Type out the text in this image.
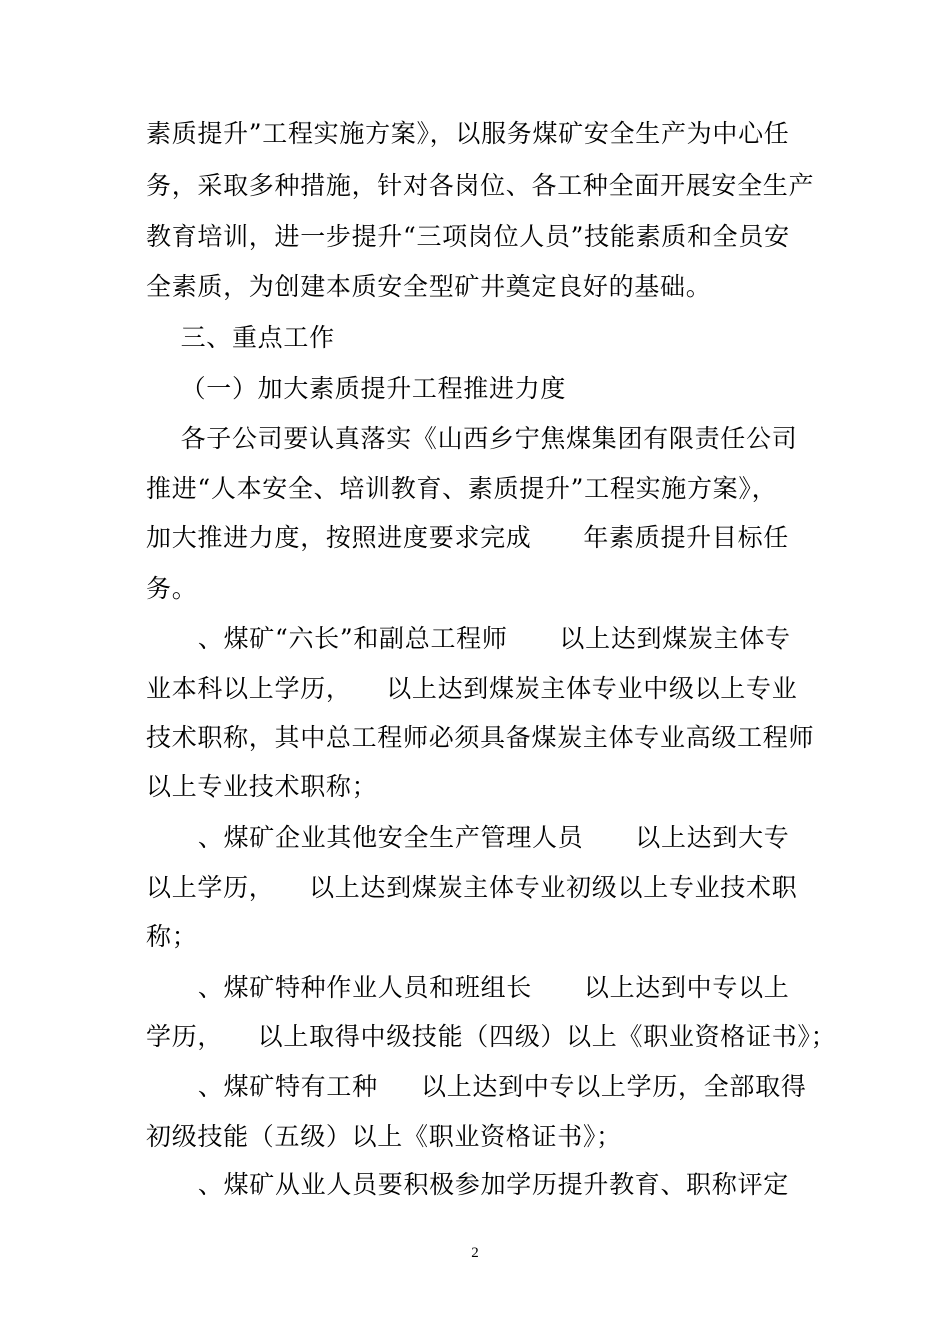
素质提升”工程实施方案》，以服务煤矿安全生产为中心任
务，采取多种措施，针对各岗位、各工种全面开展安全生产
教育培训，进一步提升“三项岗位人员”技能素质和全员安
全素质，为创建本质安全型矿井奠定良好的基础。
三、重点工作
（一）加大素质提升工程推进力度
各子公司要认真落实《山西乡宁焦煤集团有限责任公司
推进“人本安全、培训教育、素质提升”工程实施方案》，
加大推进力度，按照进度要求完成      年素质提升目标任
务。
、煤矿“六长”和副总工程师      以上达到煤炭主体专
业本科以上学历，    以上达到煤炭主体专业中级以上专业
技术职称，其中总工程师必须具备煤炭主体专业高级工程师
以上专业技术职称；
、煤矿企业其他安全生产管理人员      以上达到大专
以上学历，    以上达到煤炭主体专业初级以上专业技术职
称；
、煤矿特种作业人员和班组长      以上达到中专以上
学历，    以上取得中级技能（四级）以上《职业资格证书》；
、煤矿特有工种     以上达到中专以上学历，全部取得
初级技能（五级）以上《职业资格证书》；
、煤矿从业人员要积极参加学历提升教育、职称评定
2
